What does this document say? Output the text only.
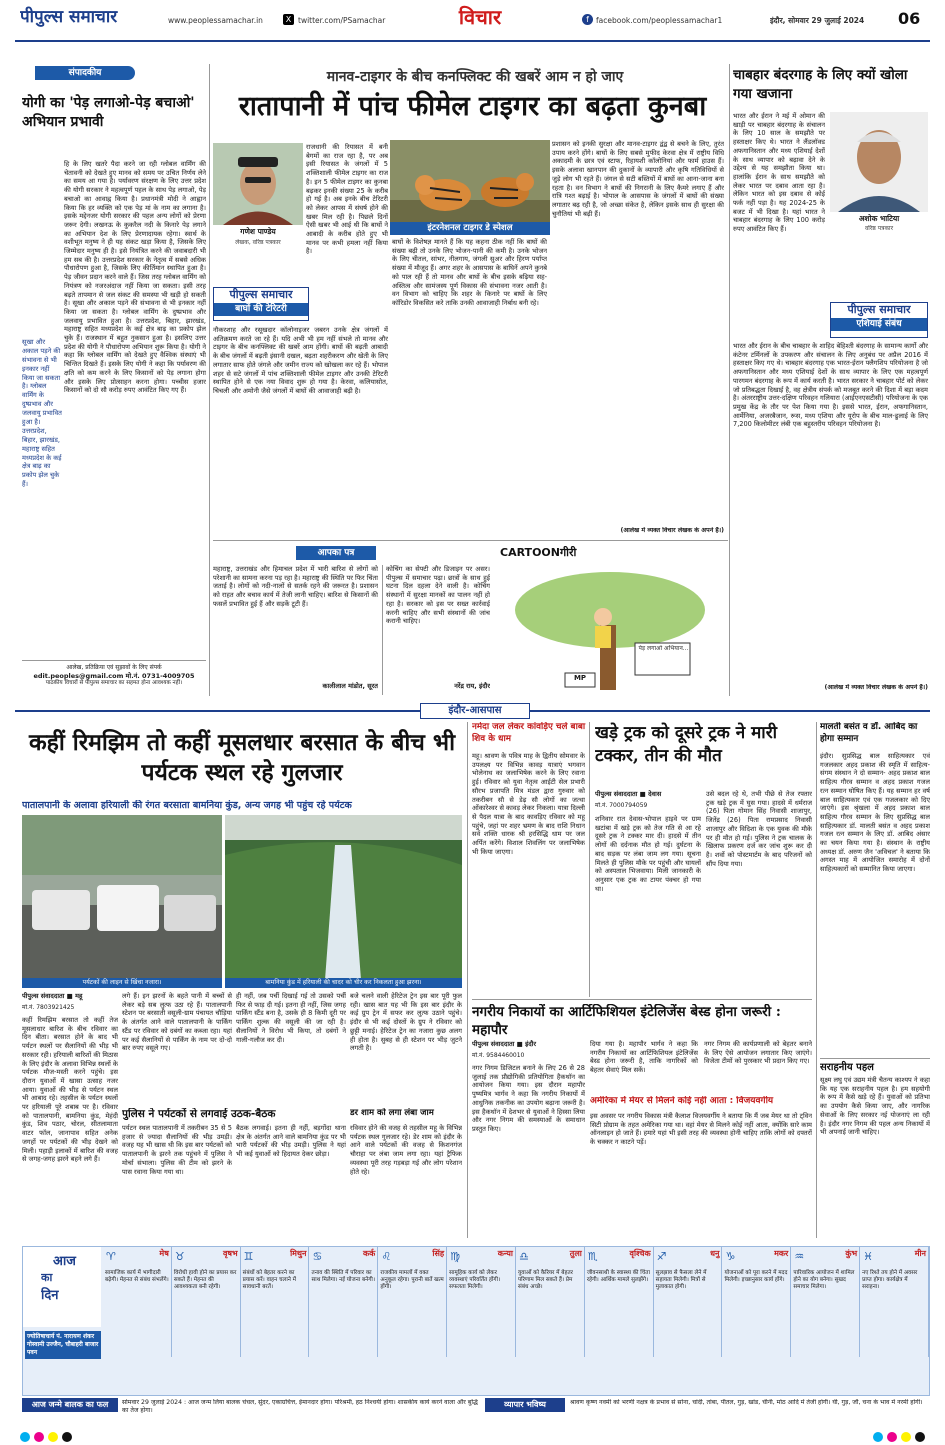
पीपुल्स समाचार	www.peoplessamachar.in	X twitter.com/PSamachar	विचार	f facebook.com/peoplessamachar1	इंदौर, सोमवार 29 जुलाई 2024	06
संपादकीय
योगी का 'पेड़ लगाओ-पेड़ बचाओ' अभियान प्रभावी

हि के लिए खतरे पैदा करने जा रही ग्लोबल वार्मिंग की चेतावनी को देखते हुए मानव को समय पर उचित निर्णय लेने का समय आ गया है। पर्यावरण संरक्षण के लिए उत्तर प्रदेश की योगी सरकार ने महत्वपूर्ण पहल के साथ पेड़ लगाओ, पेड़ बचाओ का आवाह्न किया है। प्रधानमंत्री मोदी ने आह्वान किया कि हर व्यक्ति को एक पेड़ मां के नाम का लगाना है। इसके मद्देनजर योगी सरकार की पहल अन्य लोगों को प्रेरणा जरूर देगी। लखनऊ के कुकरैल नदी के किनारे पेड़ लगाने का अभियान देश के लिए प्रेरणादायक रहेगा। स्वार्थ के वशीभूत मनुष्य ने ही यह संकट खड़ा किया है, जिसके लिए जिम्मेदार मनुष्य ही है। इसे नियंत्रित करने की जवाबदारी भी हम सब की है। उत्तरप्रदेश सरकार के नेतृत्व में सबसे अधिक पौधारोपण हुआ है, जिसके लिए कीर्तिमान स्थापित हुआ है। पेड़ जीवन प्रदान करने वाले हैं। जिस तरह ग्लोबल वार्मिंग को नियंत्रण को नजरअंदाज नहीं किया जा सकता। इसी तरह बढ़ते तापमान से जल संकट की समस्या भी खड़ी हो सकती है। सूखा और अकाल पड़ने की संभावना से भी इनकार नहीं किया जा सकता है। ग्लोबल वार्मिंग के दुष्प्रभाव और जलवायु प्रभावित हुआ है। उत्तरप्रदेश, बिहार, झारखंड, महाराष्ट्र सहित मध्यप्रदेश के कई क्षेत्र बाढ़ का प्रकोप झेल चुके हैं। राजस्थान में बहुत नुकसान हुआ है। इसलिए उत्तर प्रदेश की योगी ने पौधारोपण अभियान शुरू किया है। योगी ने कहा कि ग्लोबल वार्मिंग को देखते हुए वैश्विक संस्थाएं भी चिन्तित दिखते हैं। इसके लिए योगी ने कहा कि पर्यावरण की क्षति को कम करने के लिए किसानों को पेड़ लगाना होगा और इसके लिए प्रोत्साहन करना होगा। पच्चीस हजार किसानों को दो सौ करोड़ रुपए आवंटित किए गए हैं।

सूखा और अकाल पड़ने की संभावना से भी इनकार नहीं किया जा सकता है। ग्लोबल वार्मिंग के दुष्प्रभाव और जलवायु प्रभावित हुआ है। उत्तरप्रदेश, बिहार, झारखंड, महाराष्ट्र सहित मध्यप्रदेश के कई क्षेत्र बाढ़ का प्रकोप झेल चुके हैं।
आलेख, प्रतिक्रिया एवं सुझावों के लिए संपर्क
edit.peoples@gmail.com मो.नं. 0731-4009705
पाठकीय विचारों से पीपुल्स समाचार का सहमत होना आवश्यक नहीं।
मानव-टाइगर के बीच कनफ्लिक्ट की खबरें आम न हो जाए
रातापानी में पांच फीमेल टाइगर का बढ़ता कुनबा
गणेश पाण्डेय
लेखक, वरिष्ठ पत्रकार
इंटरनेशनल टाइगर डे स्पेशल

राजधानी की रियासत में बनी बेगमों का राज रहा है, पर अब इसी रियासत के जंगलों में 5 शक्तिशाली फीमेल टाइगर का राज है। इन 5 फीमेल टाइगर का कुनबा बढ़कर इनकी संख्या 25 के करीब हो गई है। अब इनके बीच टेरिटरी को लेकर आपस में संघर्ष होने की खबर मिल रही है। पिछले दिनों ऐसी खबर भी आई थी कि बाघों ने आबादी के करीब होते हुए भी मानव पर कभी हमला नहीं किया है।

पीपुल्स समाचार
बाघों की टेरिटरी

नौकरशाह और रसूखदार कॉलोनाइजर जबरन उनके क्षेत्र जंगलों में अतिक्रमण करते जा रहे हैं। यदि अभी भी हम नहीं संभले तो मानव और टाइगर के बीच कनफ्लिक्ट की खबरें आम होंगी। बाघों की बढ़ती आबादी के बीच जंगलों में बढ़ती इंसानी दखल, बढ़ता शहरीकरण और खेती के लिए लगातार साफ होते जंगले और जमीन राज्य को खोखला कर रहे हैं। भोपाल शहर से सटे जंगलों में पांच शक्तिशाली फीमेल टाइगर और उनकी टेरिटरी स्थापित होने से एक नया विवाद शुरू हो गया है। केरवा, कलियासोत, चिचली और अमोनी जैसे जंगलों में बाघों की आवाजाही बढ़ी है।

बाघों के विशेषज्ञ मानते हैं कि यह कहना ठीक नहीं कि बाघों की संख्या बढ़ी तो उनके लिए भोजन-पानी की कमी है। उनके भोजन के लिए चीतल, सांभर, नीलगाय, जंगली सुअर और हिरण पर्याप्त संख्या में मौजूद हैं। अगर शहर के आसपास के बाघिनें अपने कुनबे को पाल रही हैं तो मानव और बाघों के बीच इसके बढ़िया सह-अस्तित्व और सामंजस्य पूर्ण विकास की संभावना नजर आती है। वन विभाग को चाहिए कि शहर के किनारे पर बाघों के लिए कॉरिडोर विकसित करे ताकि उनकी आवाजाही निर्बाध बनी रहे।

प्रशासन को इनकी सुरक्षा और मानव-टाइगर द्वंद्व से बचने के लिए, तुरंत उपाय करने होंगे। बाघों के लिए सबसे मुफीद केरवा क्षेत्र में राष्ट्रीय विधि अकादमी के छात्र एवं स्टाफ, रिहायशी कॉलोनियां और फार्म हाउस हैं। इसके अलावा खानपान की दुकानों के व्यापारी और कृषि गतिविधियों से जुड़े लोग भी रहते हैं। जंगल से सटी बस्तियों में बाघों का आना-जाना बना रहता है। वन विभाग ने बाघों की निगरानी के लिए कैमरे लगाए हैं और रात्रि गश्त बढ़ाई है। भोपाल के आसपास के जंगलों में बाघों की संख्या लगातार बढ़ रही है, जो अच्छा संकेत है, लेकिन इसके साथ ही सुरक्षा की चुनौतियां भी बढ़ी हैं।

(आलेख में व्यक्त विचार लेखक के अपने हैं।)
आपका पत्र

महाराष्ट्र, उत्तराखंड और हिमाचल प्रदेश में भारी बारिश से लोगों को परेशानी का सामना करना पड़ रहा है। महाराष्ट्र की स्थिति पर फिर चिंता जताई है। लोगों को नदी-नालों से सतर्क रहने की जरूरत है। प्रशासन को राहत और बचाव कार्य में तेजी लानी चाहिए। बारिश से किसानों की फसलें प्रभावित हुई हैं और सड़कें टूटी हैं।

कालीलाल मांडोत, सूरत

कोचिंग का सेफ्टी और डिजाइन पर असर। पीपुल्स में समाचार पढ़ा। छात्रों के साथ हुई घटना दिल दहला देने वाली है। कोचिंग संस्थानों में सुरक्षा मानकों का पालन नहीं हो रहा है। सरकार को इस पर सख्त कार्रवाई करनी चाहिए और सभी संस्थानों की जांच करानी चाहिए।

नरेंद्र राय, इंदौर
CARTOONगीरी
पेड़ लगाओ अभियान...
MP
चाबहार बंदरगाह के लिए क्यों खोला गया खजाना

भारत और ईरान ने मई में ओमान की खाड़ी पर चाबहार बंदरगाह के संचालन के लिए 10 साल के समझौते पर हस्ताक्षर किए थे। भारत ने लैंडलॉक्ड अफगानिस्तान और मध्य एशियाई देशों के साथ व्यापार को बढ़ावा देने के उद्देश्य से यह समझौता किया था। हालांकि ईरान के साथ समझौते को लेकर भारत पर दबाव आता रहा है। लेकिन भारत को इस दबाव से कोई फर्क नहीं पड़ा है। यह 2024-25 के बजट में भी दिखा है। यहां भारत ने चाबहार बंदरगाह के लिए 100 करोड़ रुपए आवंटित किए हैं।

अशोक भाटिया
वरिष्ठ पत्रकार
पीपुल्स समाचार
एशियाई संबंध

भारत और ईरान के बीच चाबहार के शाहिद बेहिश्ती बंदरगाह के सामान्य कार्गो और कंटेनर टर्मिनलों के उपकरण और संचालन के लिए अनुबंध पर अप्रैल 2016 में हस्ताक्षर किए गए थे। चाबहार बंदरगाह एक भारत-ईरान फ्लैगशिप परियोजना है जो अफगानिस्तान और मध्य एशियाई देशों के साथ व्यापार के लिए एक महत्वपूर्ण पारगमन बंदरगाह के रूप में कार्य करती है। भारत सरकार ने चाबहार पोर्ट को लेकर जो प्रतिबद्धता दिखाई है, वह क्षेत्रीय संपर्क को मजबूत करने की दिशा में बड़ा कदम है। अंतरराष्ट्रीय उत्तर-दक्षिण परिवहन गलियारा (आईएनएसटीसी) परियोजना के एक प्रमुख केंद्र के तौर पर पेश किया गया है। इससे भारत, ईरान, अफगानिस्तान, आर्मेनिया, अजरबैजान, रूस, मध्य एशिया और यूरोप के बीच माल-ढुलाई के लिए 7,200 किलोमीटर लंबी एक बहुस्तरीय परिवहन परियोजना है।

(आलेख में व्यक्त विचार लेखक के अपने हैं।)
इंदौर-आसपास
कहीं रिमझिम तो कहीं मूसलधार बरसात के बीच भी पर्यटक स्थल रहे गुलजार
पातालपानी के अलावा हरियाली की रंगत बरसाता बामनिया कुंड, अन्य जगह भी पहुंच रहे पर्यटक
पर्यटकों की लाइन से खिंचा नजारा।	बामनिया कुंड में हरियाली की चादर को चीर कर निकलता हुआ झरना।
पीपुल्स संवाददाता ■ महू
मो.नं. 7803921425

कहीं रिमझिम बरसात तो कहीं तेज मूसलाधार बारिश के बीच रविवार का दिन बीता। बरसात होने के बाद भी पर्यटन स्थलों पर सैलानियों की भीड़ भी सरकार रही। हरियाली बारिशों की मिठास के लिए इंदौर के अलावा विभिन्न स्थलों के पर्यटक मौज-मस्ती करने पहुंचे। इस दौरान युवाओं में खासा उत्साह नजर आया। युवाओं की भीड़ से पर्यटन स्थल भी आबाद रहे। तहसील के पर्यटन स्थलों पर हरियाली पूरे शबाब पर है। रविवार को पातालपानी, बामनिया कुंड, मेहंदी कुंड, शिव पठार, चोरल, सीतलामाता वाटर फॉल, जानापाव सहित अनेक जगहों पर पर्यटकों की भीड़ देखने को मिली। पहाड़ी इलाकों में बारिश की वजह से जगह-जगह झरने बहने लगे हैं।

लगे हैं। इन झरनों के बहते पानी में बच्चों से लेकर बड़े सब लुत्फ उठा रहे हैं। पातालपानी स्टेशन पर बरसाती वसूली-ग्राम पंचायत चौड़िया के अंतर्गत आने वाले पातालपानी के पार्किंग स्टैंड पर रविवार को दबंगों का कब्जा रहा। यहां पर कई सैलानियों से पार्किंग के नाम पर दो-दो बार रुपए वसूले गए।

ही नहीं, जब पर्ची दिखाई गई तो उसको पर्ची फिर से फाड़ दी गई। इतना ही नहीं, जिस जगह पार्किंग स्टैंड बना है, उसके ही 8 किमी दूरी पर पार्किंग शुल्क की वसूली की जा रही है। सैलानियों ने विरोध भी किया, तो दबंगों ने गाली-गलौज कर दी।

बजे चलने वाली हेरिटेज ट्रेन इस बार पूरी फुल रही। खास बात यह भी कि इस बार इंदौर के कई ग्रुप ट्रेन में सफर कर लुत्फ उठाने पहुंचे। इंदौर से भी कई दोस्तों के ग्रुप ने रविवार को छुट्टी मनाई। हेरिटेज ट्रेन का नजारा कुछ अलग ही होता है। सुबह से ही स्टेशन पर भीड़ जुटने लगती है।

पुलिस ने पर्यटकों से लगवाई उठक-बैठक

पर्यटन स्थल पातालपानी में तकरीबन 35 से 5 हजार से ज्यादा सैलानियों की भीड़ उमड़ी। वजह यह भी खास थी कि इस बार पर्यटकों को पातालपानी के झरने तक पहुंचने में पुलिस ने मोर्चा संभाला। पुलिस की टीम को झरने के पास रवाना किया गया था।

बैठक लगवाई। इतना ही नहीं, बड़गोंदा थाना क्षेत्र के अंतर्गत आने वाले बामनिया कुंड पर भी भारी पर्यटकों की भीड़ उमड़ी। पुलिस ने यहां भी कई युवाओं को हिदायत देकर छोड़ा।

डर शाम को लगा लंबा जाम

रविवार होने की वजह से तहसील महू के विभिन्न पर्यटक स्थल गुलजार रहे। डेर शाम को इंदौर के आने वाले पर्यटकों की वजह से किशनगंज चौराहा पर लंबा जाम लगा रहा। यहां ट्रैफिक व्यवस्था पूरी तरह गड़बड़ा गई और लोग परेशान होते रहे।

नर्मदा जल लेकर कांवड़िए चले बाबा शिव के धाम

महू। श्रावण के पवित्र माह के द्वितीय सोमवार के उपलक्ष्य पर विभिन्न कावड़ यात्राएं भगवान भोलेनाथ का जलाभिषेक करने के लिए रवाना हुई। रविवार को युवा नेतृत्व आईटी सेल प्रभारी सौरभ प्रजापति मित्र मंडल द्वारा गुरुवार को तकरीबन सौ से डेढ़ सौ लोगों का जत्था ओंकारेश्वर से कावड़ लेकर निकला। यात्रा दिल्ली से पैदल यात्रा के बाद कावड़िए रविवार को महू पहुंचे, जहां पर शहर भ्रमण के बाद राशि निधान सर्व शक्ति धारक श्री हरसिद्धि धाम पर जल अर्पित करेंगे। विशाल शिवलिंग पर जलाभिषेक भी किया जाएगा।

खड़े ट्रक को दूसरे ट्रक ने मारी टक्कर, तीन की मौत
पीपुल्स संवाददाता ■ देवास
मो.नं. 7000794059

शनिवार रात देवास-भोपाल हाइवे पर ग्राम खटांबा में खड़े ट्रक को तेज गति से आ रहे दूसरे ट्रक ने टक्कर मार दी। हादसे में तीन लोगों की दर्दनाक मौत हो गई। दुर्घटना के बाद सड़क पर लंबा जाम लग गया। सूचना मिलते ही पुलिस मौके पर पहुंची और घायलों को अस्पताल भिजवाया। मिली जानकारी के अनुसार एक ट्रक का टायर पंक्चर हो गया था।

उसे बदल रहे थे, तभी पीछे से तेज रफ्तार ट्रक खड़े ट्रक में घुस गया। हादसे में धर्मराज (26) पिता गोमान सिंह निवासी शाजापुर, जितेंद्र (26) पिता रामप्रसाद निवासी शाजापुर और विदिशा के एक युवक की मौके पर ही मौत हो गई। पुलिस ने ट्रक चालक के खिलाफ प्रकरण दर्ज कर जांच शुरू कर दी है। शवों को पोस्टमार्टम के बाद परिजनों को सौंप दिया गया।

मालती बसंत व डॉ. आबिद का होगा सम्मान

इंदौर। सुप्रसिद्ध बाल साहित्यकार एवं गजलकार अहद प्रकाश की स्मृति में साहित्य-संगम संस्थान ने दो सम्मान- अहद प्रकाश बाल साहित्य गौरव सम्मान व अहद प्रकाश गजल रत्न सम्मान घोषित किए हैं। यह सम्मान हर वर्ष बाल साहित्यकार एवं एक गजलकार को दिए जाएंगे। इस श्रृंखला में अहद प्रकाश बाल साहित्य गौरव सम्मान के लिए सुप्रसिद्ध बाल साहित्यकार डॉ. मालती बसंत व अहद प्रकाश गजल रत्न सम्मान के लिए डॉ. आबिद अंसार का चयन किया गया है। संस्थान के राष्ट्रीय अध्यक्ष डॉ. अरुण जैन 'अविचल' ने बताया कि अगस्त माह में आयोजित समारोह में दोनों साहित्यकारों को सम्मानित किया जाएगा।

सराहनीय पहल

सूक्ष्म लघु एवं उद्यम मंत्री चैतन्य काश्यप ने कहा कि यह एक सराहनीय पहल है। हम सहयोगी के रूप में कैसे खड़े रहे हैं। युवाओं को प्रतिभा का उपयोग कैसे किया जाए, और नागरिक सेवाओं के लिए सरकार नई योजनाएं ला रही है। इंदौर नगर निगम की पहल अन्य निकायों में भी अपनाई जानी चाहिए।

नगरीय निकायों का आर्टिफिशियल इंटेलिजेंस बेस्ड होना जरूरी : महापौर
पीपुल्स संवाददाता ■ इंदौर
मो.नं. 9584460010

नगर निगम डिजिटल बनाने के लिए 26 से 28 जुलाई तक प्रौद्योगिकी प्रतियोगिता हैकथॉन का आयोजन किया गया। इस दौरान महापौर पुष्यमित्र भार्गव ने कहा कि नगरीय निकायों में आधुनिक तकनीक का उपयोग बढ़ाना जरूरी है। इस हैकथॉन में देशभर से युवाओं ने हिस्सा लिया और नगर निगम की समस्याओं के समाधान प्रस्तुत किए।

दिया गया है। महापौर भार्गव ने कहा कि नगरीय निकायों का आर्टिफिशियल इंटेलिजेंस बेस्ड होना जरूरी है, ताकि नागरिकों को बेहतर सेवाएं मिल सकें।

नगर निगम की कार्यप्रणाली को बेहतर बनाने के लिए ऐसे आयोजन लगातार किए जाएंगे। विजेता टीमों को पुरस्कार भी प्रदान किए गए।

अमेरिका में मेयर से मिलने कोई नहीं आता : विजयवर्गीय

इस अवसर पर नगरीय विकास मंत्री कैलाश विजयवर्गीय ने बताया कि मैं जब मेयर था तो ट्विन सिटी प्रोग्राम के तहत अमेरिका गया था। वहां मेयर से मिलने कोई नहीं आता, क्योंकि सारे काम ऑनलाइन हो जाते हैं। हमारे यहां भी इसी तरह की व्यवस्था होनी चाहिए ताकि लोगों को दफ्तरों के चक्कर न काटने पड़ें।

आज
का
दिन
ज्योतिषाचार्य पं. नारायण शंकर गोस्वामी उज्जैन, चौबाहरी बाजार पवन
♈	मेष
सामाजिक कार्य में भागीदारी बढ़ेगी। मेहनत से संबंध संभलेंगे।
♉	वृषभ
विरोधी हावी होने का प्रयास कर सकते हैं। मेहनत की आवश्यकता बनी रहेगी।
♊	मिथुन
संबंधों को बेहतर करने का प्रयास करें। वाहन चलाने में सावधानी बरतें।
♋	कर्क
तनाव की स्थिति में परिवार का साथ मिलेगा। नई योजना बनेगी।
♌	सिंह
राजकीय मामलों में वक्त अनुकूल रहेगा। पुरानी बातें खत्म होंगी।
♍	कन्या
सामूहिक कार्य को लेकर व्यवस्थाएं परिवर्तित होंगी। सफलता मिलेगी।
♎	तुला
युवाओं को कैरियर में बेहतर परिणाम मिल सकते हैं। प्रेम संबंध अच्छे।
♏	वृश्चिक
जीवनसाथी के स्वास्थ्य की चिंता रहेगी। आर्थिक मामले सुलझेंगे।
♐	धनु
सुलझाव से फैसला लेने में सहायता मिलेगी। मित्रों से मुलाकात होगी।
♑	मकर
योजनाओं को पूरा करने में मदद मिलेगी। इच्छानुसार कार्य होंगे।
♒	कुंभ
पारिवारिक आयोजन में शामिल होने का योग बनेगा। सुखद समाचार मिलेगा।
♓	मीन
नए रिश्ते तय होने में अवसर प्राप्त होगा। कार्यक्षेत्र में सराहना।
आज जन्मे बालक का फल	सोमवार 29 जुलाई 2024 : आज जन्म लिया बालक चंचल, सुंदर, एकाग्रचित्त, ईमानदार होगा। परिश्रमी, हठ निश्चयी होगा। शासकीय कार्य करने वाला और बुद्धि का तेज होगा।
व्यापार भविष्य	श्रावण कृष्ण नवमी को भरणी नक्षत्र के प्रभाव से सोना, चांदी, तांबा, पीतल, गुड़, खांड, चीनी, मोठ आदि में तेजी होगी। घी, गुड़, जौ, चना के भाव में नरमी होगी।
